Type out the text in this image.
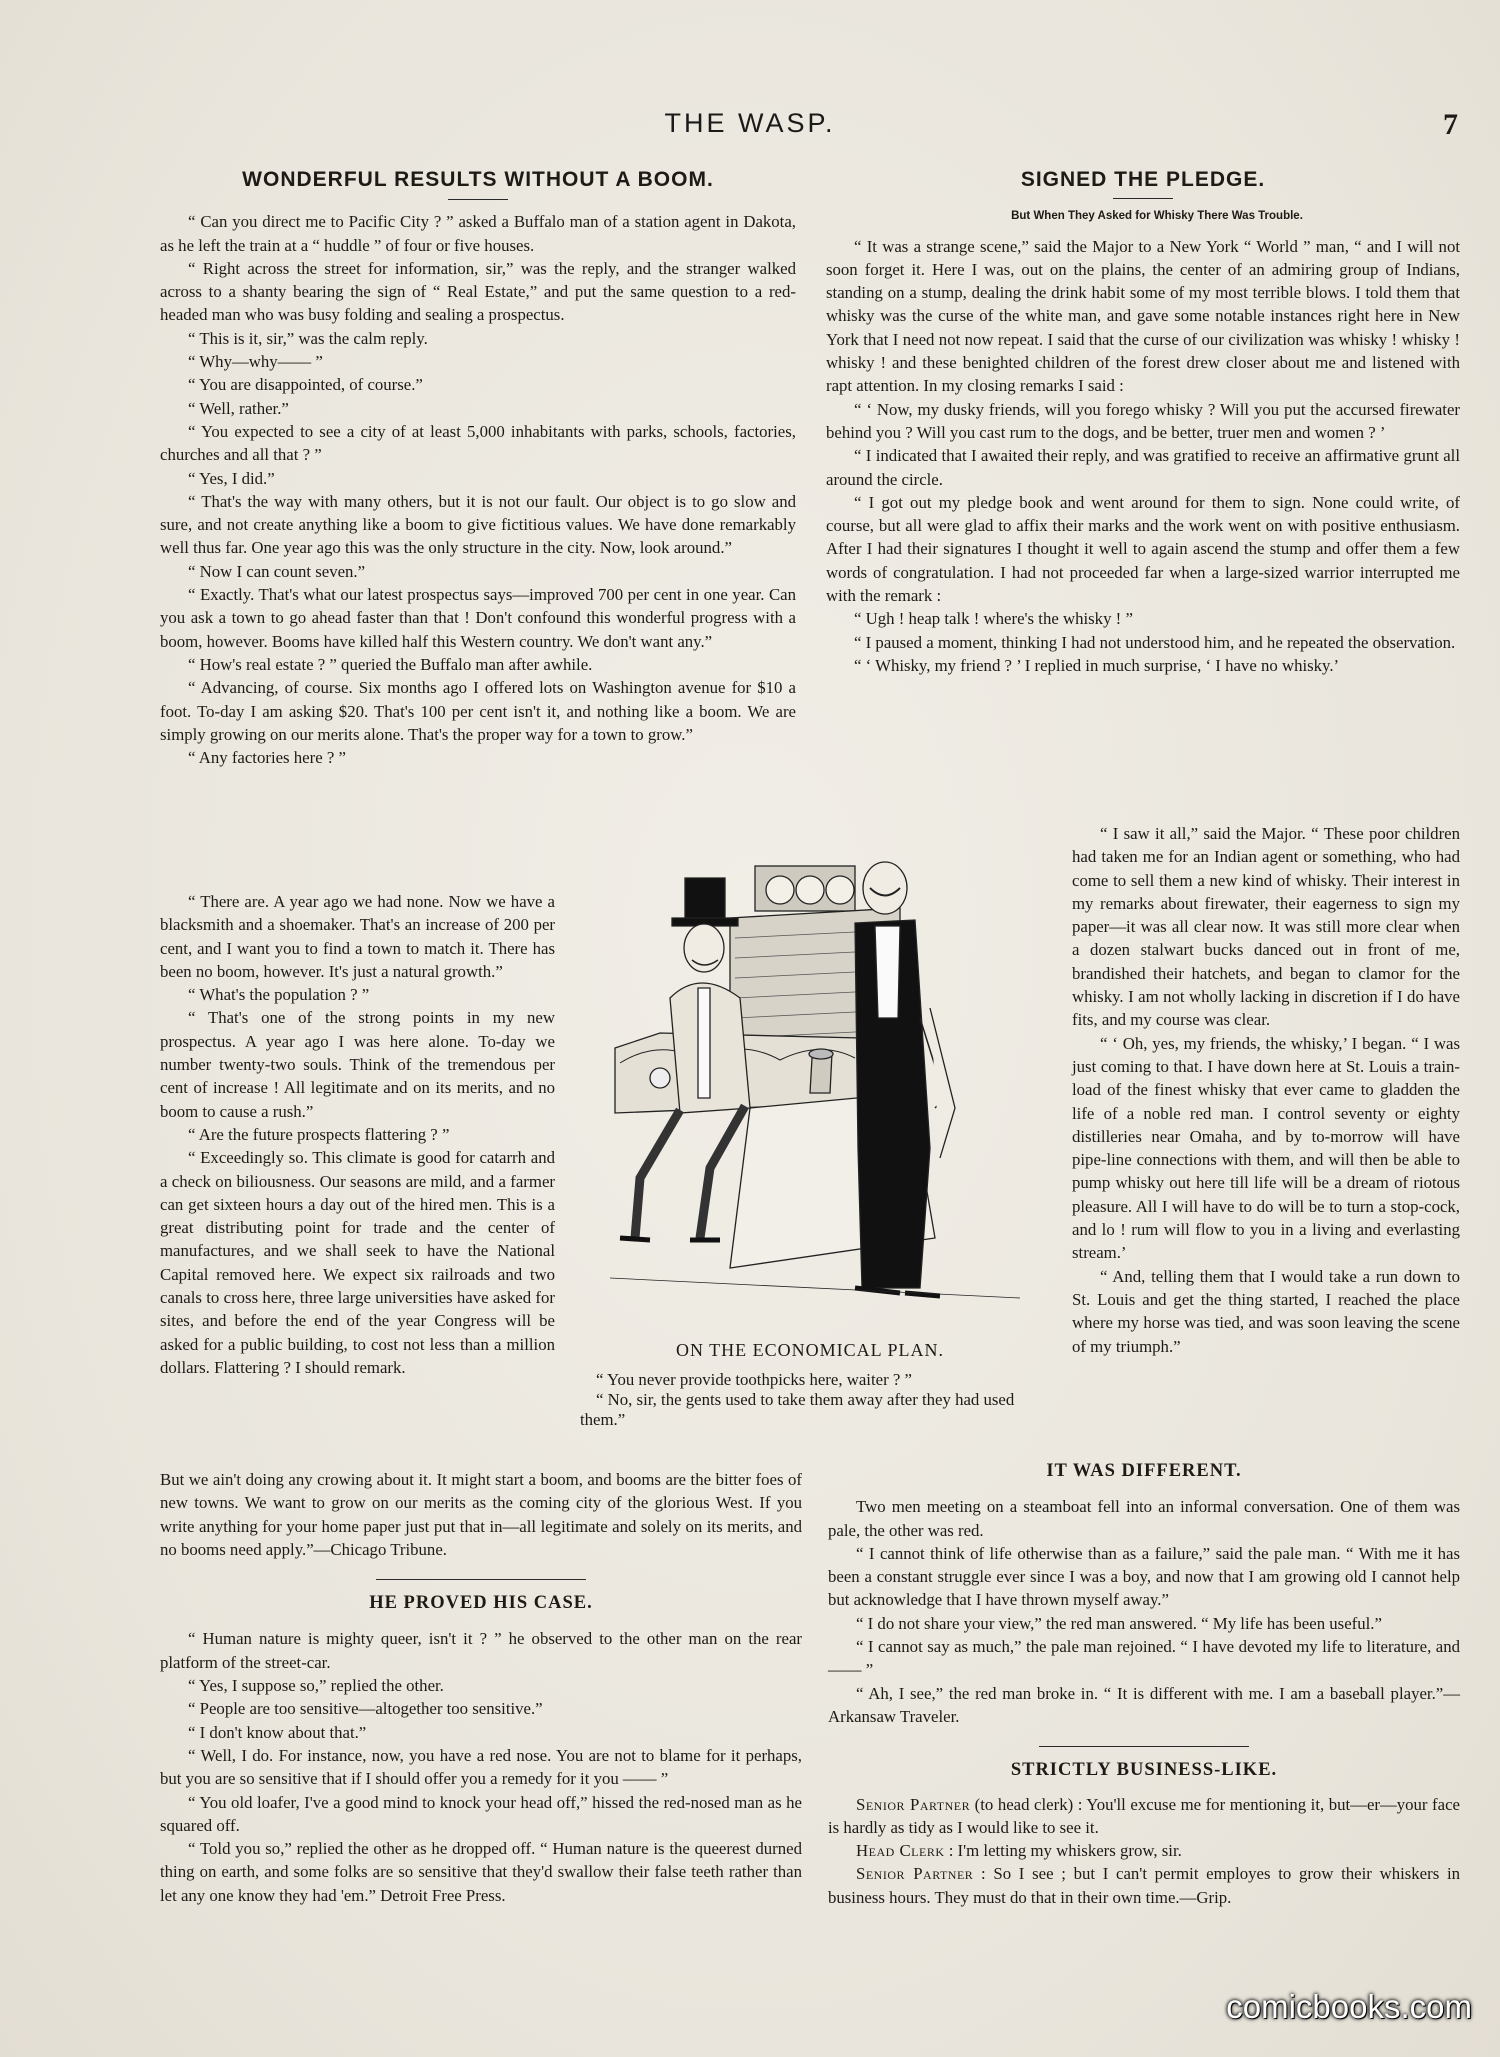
THE WASP.	7
WONDERFUL RESULTS WITHOUT A BOOM.

“ Can you direct me to Pacific City ? ” asked a Buffalo man of a station agent in Dakota, as he left the train at a “ huddle ” of four or five houses.

“ Right across the street for information, sir,” was the reply, and the stranger walked across to a shanty bearing the sign of “ Real Estate,” and put the same question to a red-headed man who was busy folding and sealing a prospectus.

“ This is it, sir,” was the calm reply.

“ Why—why—— ”

“ You are disappointed, of course.”

“ Well, rather.”

“ You expected to see a city of at least 5,000 inhabitants with parks, schools, factories, churches and all that ? ”

“ Yes, I did.”

“ That's the way with many others, but it is not our fault. Our object is to go slow and sure, and not create anything like a boom to give fictitious values. We have done remarkably well thus far. One year ago this was the only structure in the city. Now, look around.”

“ Now I can count seven.”

“ Exactly. That's what our latest prospectus says—improved 700 per cent in one year. Can you ask a town to go ahead faster than that ! Don't confound this wonderful progress with a boom, however. Booms have killed half this Western country. We don't want any.”

“ How's real estate ? ” queried the Buffalo man after awhile.

“ Advancing, of course. Six months ago I offered lots on Washington avenue for $10 a foot. To-day I am asking $20. That's 100 per cent isn't it, and nothing like a boom. We are simply growing on our merits alone. That's the proper way for a town to grow.”

“ Any factories here ? ”

“ There are. A year ago we had none. Now we have a blacksmith and a shoemaker. That's an increase of 200 per cent, and I want you to find a town to match it. There has been no boom, however. It's just a natural growth.”

“ What's the population ? ”

“ That's one of the strong points in my new prospectus. A year ago I was here alone. To-day we number twenty-two souls. Think of the tremendous per cent of increase ! All legitimate and on its merits, and no boom to cause a rush.”

“ Are the future prospects flattering ? ”

“ Exceedingly so. This climate is good for catarrh and a check on biliousness. Our seasons are mild, and a farmer can get sixteen hours a day out of the hired men. This is a great distributing point for trade and the center of manufactures, and we shall seek to have the National Capital removed here. We expect six railroads and two canals to cross here, three large universities have asked for sites, and before the end of the year Congress will be asked for a public building, to cost not less than a million dollars. Flattering ? I should remark.

But we ain't doing any crowing about it. It might start a boom, and booms are the bitter foes of new towns. We want to grow on our merits as the coming city of the glorious West. If you write anything for your home paper just put that in—all legitimate and solely on its merits, and no booms need apply.”—Chicago Tribune.

HE PROVED HIS CASE.

“ Human nature is mighty queer, isn't it ? ” he observed to the other man on the rear platform of the street-car.

“ Yes, I suppose so,” replied the other.

“ People are too sensitive—altogether too sensitive.”

“ I don't know about that.”

“ Well, I do. For instance, now, you have a red nose. You are not to blame for it perhaps, but you are so sensitive that if I should offer you a remedy for it you —— ”

“ You old loafer, I've a good mind to knock your head off,” hissed the red-nosed man as he squared off.

“ Told you so,” replied the other as he dropped off. “ Human nature is the queerest durned thing on earth, and some folks are so sensitive that they'd swallow their false teeth rather than let any one know they had 'em.” Detroit Free Press.

SIGNED THE PLEDGE.

But When They Asked for Whisky There Was Trouble.

“ It was a strange scene,” said the Major to a New York “ World ” man, “ and I will not soon forget it. Here I was, out on the plains, the center of an admiring group of Indians, standing on a stump, dealing the drink habit some of my most terrible blows. I told them that whisky was the curse of the white man, and gave some notable instances right here in New York that I need not now repeat. I said that the curse of our civilization was whisky ! whisky ! whisky ! and these benighted children of the forest drew closer about me and listened with rapt attention. In my closing remarks I said :

“ ‘ Now, my dusky friends, will you forego whisky ? Will you put the accursed firewater behind you ? Will you cast rum to the dogs, and be better, truer men and women ? ’

“ I indicated that I awaited their reply, and was gratified to receive an affirmative grunt all around the circle.

“ I got out my pledge book and went around for them to sign. None could write, of course, but all were glad to affix their marks and the work went on with positive enthusiasm. After I had their signatures I thought it well to again ascend the stump and offer them a few words of congratulation. I had not proceeded far when a large-sized warrior interrupted me with the remark :

“ Ugh ! heap talk ! where's the whisky ! ”

“ I paused a moment, thinking I had not understood him, and he repeated the observation.

“ ‘ Whisky, my friend ? ’ I replied in much surprise, ‘ I have no whisky.’

“ I saw it all,” said the Major. “ These poor children had taken me for an Indian agent or something, who had come to sell them a new kind of whisky. Their interest in my remarks about firewater, their eagerness to sign my paper—it was all clear now. It was still more clear when a dozen stalwart bucks danced out in front of me, brandished their hatchets, and began to clamor for the whisky. I am not wholly lacking in discretion if I do have fits, and my course was clear.

“ ‘ Oh, yes, my friends, the whisky,’ I began. “ I was just coming to that. I have down here at St. Louis a train-load of the finest whisky that ever came to gladden the life of a noble red man. I control seventy or eighty distilleries near Omaha, and by to-morrow will have pipe-line connections with them, and will then be able to pump whisky out here till life will be a dream of riotous pleasure. All I will have to do will be to turn a stop-cock, and lo ! rum will flow to you in a living and everlasting stream.’

“ And, telling them that I would take a run down to St. Louis and get the thing started, I reached the place where my horse was tied, and was soon leaving the scene of my triumph.”

ON THE ECONOMICAL PLAN.

“ You never provide toothpicks here, waiter ? ”

“ No, sir, the gents used to take them away after they had used them.”

IT WAS DIFFERENT.

Two men meeting on a steamboat fell into an informal conversation. One of them was pale, the other was red.

“ I cannot think of life otherwise than as a failure,” said the pale man. “ With me it has been a constant struggle ever since I was a boy, and now that I am growing old I cannot help but acknowledge that I have thrown myself away.”

“ I do not share your view,” the red man answered. “ My life has been useful.”

“ I cannot say as much,” the pale man rejoined. “ I have devoted my life to literature, and —— ”

“ Ah, I see,” the red man broke in. “ It is different with me. I am a baseball player.”—Arkansaw Traveler.

STRICTLY BUSINESS-LIKE.

Senior Partner (to head clerk) : You'll excuse me for mentioning it, but—er—your face is hardly as tidy as I would like to see it.

Head Clerk : I'm letting my whiskers grow, sir.

Senior Partner : So I see ; but I can't permit employes to grow their whiskers in business hours. They must do that in their own time.—Grip.

comicbooks.com
